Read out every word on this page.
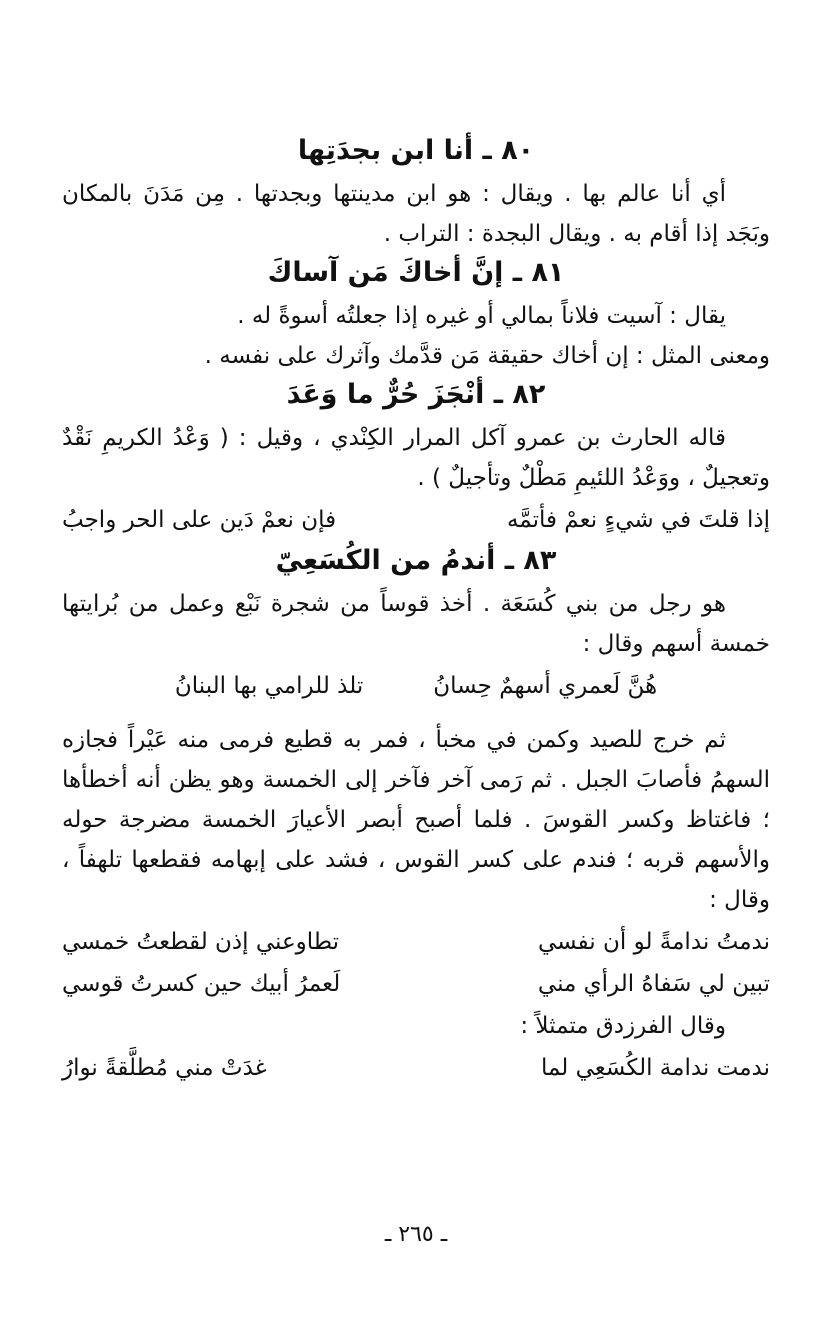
٨٠ ـ أنا ابن بجدَتِها

أي أنا عالم بها . ويقال : هو ابن مدينتها وبجدتها . مِن مَدَنَ بالمكان وبَجَد إذا أقام به . ويقال البجدة : التراب .

٨١ ـ إنَّ أخاكَ مَن آساكَ

يقال : آسيت فلاناً بمالي أو غيره إذا جعلتُه أسوةً له .

ومعنى المثل : إن أخاك حقيقة مَن قدَّمك وآثرك على نفسه .

٨٢ ـ أنْجَزَ حُرٌّ ما وَعَدَ

قاله الحارث بن عمرو آكل المرار الكِنْدي ، وقيل : ( وَعْدُ الكريمِ نَقْدٌ وتعجيلٌ ، ووَعْدُ اللئيمِ مَطْلٌ وتأجيلٌ ) .

إذا قلتَ في شيءٍ نعمْ فأتمَّه
فإن نعمْ دَين على الحر واجبُ
٨٣ ـ أندمُ من الكُسَعِيّ

هو رجل من بني كُسَعَة . أخذ قوساً من شجرة نَبْع وعمل من بُرايتها خمسة أسهم وقال :

هُنَّ لَعمري أسهمٌ حِسانُ
تلذ للرامي بها البنانُ

ثم خرج للصيد وكمن في مخبأ ، فمر به قطيع فرمى منه عَيْراً فجازه السهمُ فأصابَ الجبل . ثم رَمى آخر فآخر إلى الخمسة وهو يظن أنه أخطأها ؛ فاغتاظ وكسر القوسَ . فلما أصبح أبصر الأعيارَ الخمسة مضرجة حوله والأسهم قربه ؛ فندم على كسر القوس ، فشد على إبهامه فقطعها تلهفاً ، وقال :

ندمتُ ندامةً لو أن نفسي
تطاوعني إذن لقطعتُ خمسي
تبين لي سَفاهُ الرأي مني
لَعمرُ أبيك حين كسرتُ قوسي

وقال الفرزدق متمثلاً :

ندمت ندامة الكُسَعِي لما
غدَتْ مني مُطلَّقةً نوارُ
ـ ٢٦٥ ـ
